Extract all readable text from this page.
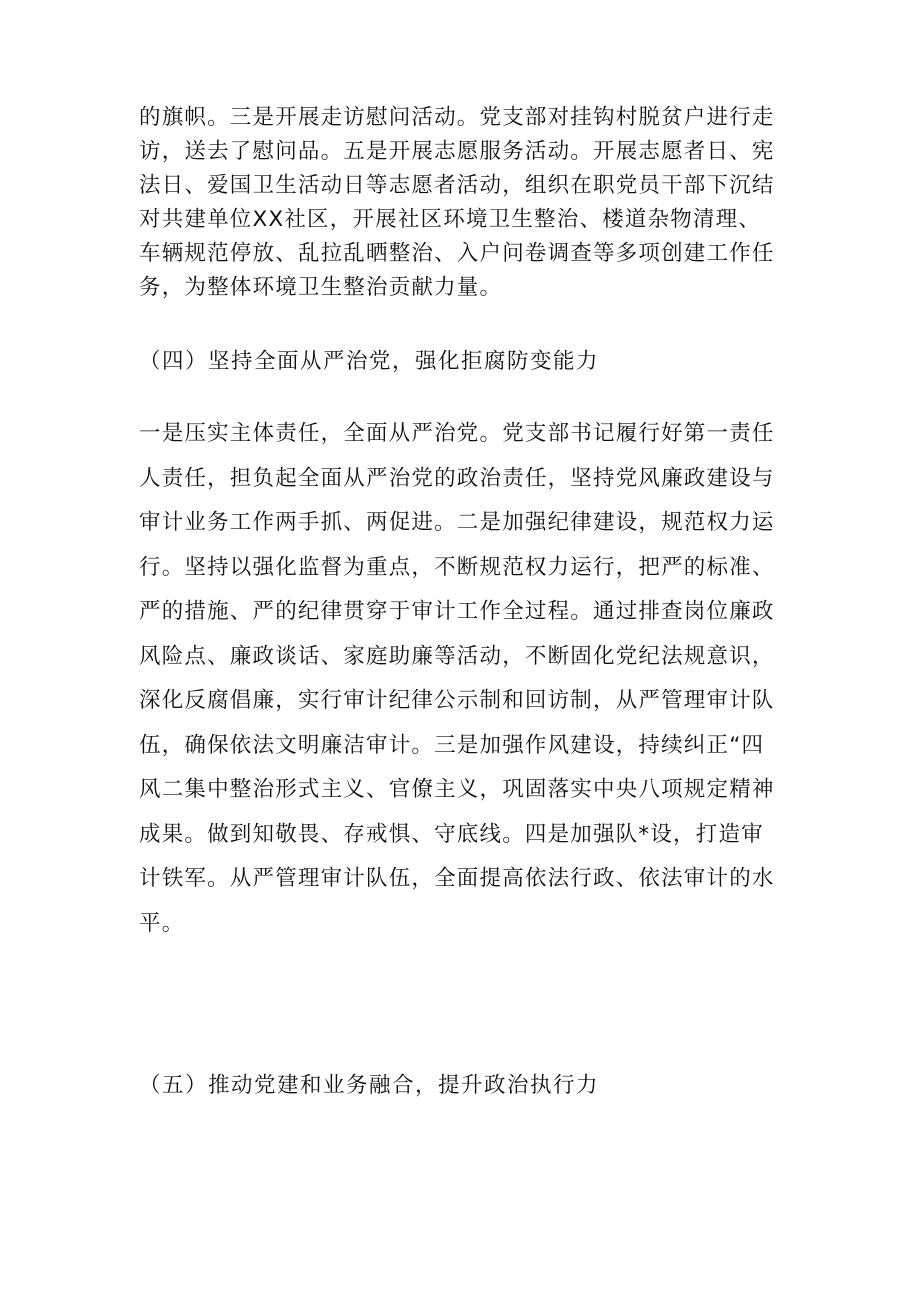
的旗帜。三是开展走访慰问活动。党支部对挂钩村脱贫户进行走
访，送去了慰问品。五是开展志愿服务活动。开展志愿者日、宪
法日、爱国卫生活动日等志愿者活动，组织在职党员干部下沉结
对共建单位XX社区，开展社区环境卫生整治、楼道杂物清理、
车辆规范停放、乱拉乱晒整治、入户问卷调查等多项创建工作任
务，为整体环境卫生整治贡献力量。
（四）坚持全面从严治党，强化拒腐防变能力
一是压实主体责任，全面从严治党。党支部书记履行好第一责任
人责任，担负起全面从严治党的政治责任，坚持党风廉政建设与
审计业务工作两手抓、两促进。二是加强纪律建设，规范权力运
行。坚持以强化监督为重点，不断规范权力运行，把严的标准、
严的措施、严的纪律贯穿于审计工作全过程。通过排查岗位廉政
风险点、廉政谈话、家庭助廉等活动，不断固化党纪法规意识，
深化反腐倡廉，实行审计纪律公示制和回访制，从严管理审计队
伍，确保依法文明廉洁审计。三是加强作风建设，持续纠正“四
风二集中整治形式主义、官僚主义，巩固落实中央八项规定精神
成果。做到知敬畏、存戒惧、守底线。四是加强队*设，打造审
计铁军。从严管理审计队伍，全面提高依法行政、依法审计的水
平。
（五）推动党建和业务融合，提升政治执行力
